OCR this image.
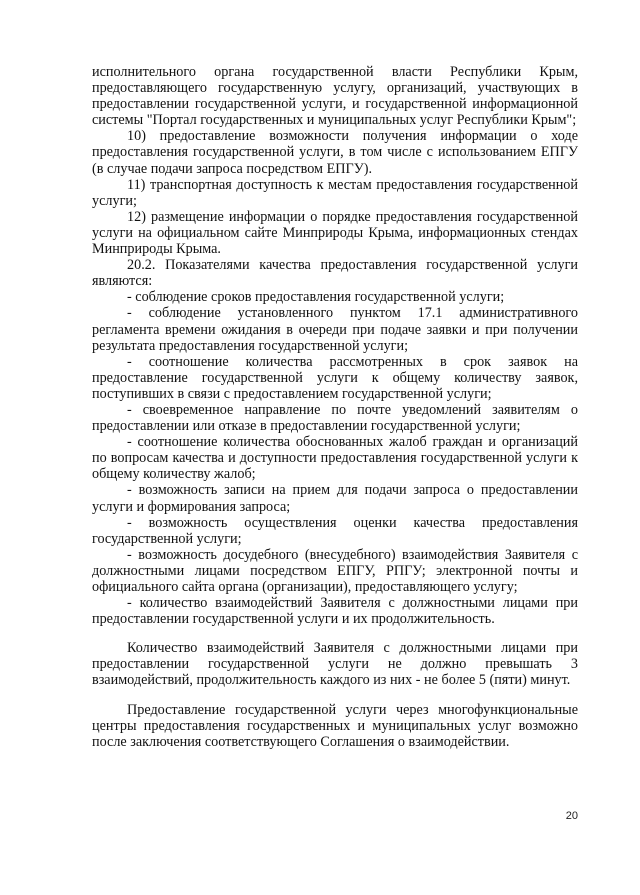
исполнительного органа государственной власти Республики Крым, предоставляющего государственную услугу, организаций, участвующих в предоставлении государственной услуги, и государственной информационной системы "Портал государственных и муниципальных услуг Республики Крым";

10) предоставление возможности получения информации о ходе предоставления государственной услуги, в том числе с использованием ЕПГУ (в случае подачи запроса посредством ЕПГУ).

11) транспортная доступность к местам предоставления государственной услуги;

12) размещение информации о порядке предоставления государственной услуги на официальном сайте Минприроды Крыма, информационных стендах Минприроды Крыма.

20.2. Показателями качества предоставления государственной услуги являются:

- соблюдение сроков предоставления государственной услуги;

- соблюдение установленного пунктом 17.1 административного регламента времени ожидания в очереди при подаче заявки и при получении результата предоставления государственной услуги;

- соотношение количества рассмотренных в срок заявок на предоставление государственной услуги к общему количеству заявок, поступивших в связи с предоставлением государственной услуги;

- своевременное направление по почте уведомлений заявителям о предоставлении или отказе в предоставлении государственной услуги;

- соотношение количества обоснованных жалоб граждан и организаций по вопросам качества и доступности предоставления государственной услуги к общему количеству жалоб;

- возможность записи на прием для подачи запроса о предоставлении услуги и формирования запроса;

- возможность осуществления оценки качества предоставления государственной услуги;

- возможность досудебного (внесудебного) взаимодействия Заявителя с должностными лицами посредством ЕПГУ, РПГУ; электронной почты и официального сайта органа (организации), предоставляющего услугу;

- количество взаимодействий Заявителя с должностными лицами при предоставлении государственной услуги и их продолжительность.

Количество взаимодействий Заявителя с должностными лицами при предоставлении государственной услуги не должно превышать 3 взаимодействий, продолжительность каждого из них - не более 5 (пяти) минут.

Предоставление государственной услуги через многофункциональные центры предоставления государственных и муниципальных услуг возможно после заключения соответствующего Соглашения о взаимодействии.

20
